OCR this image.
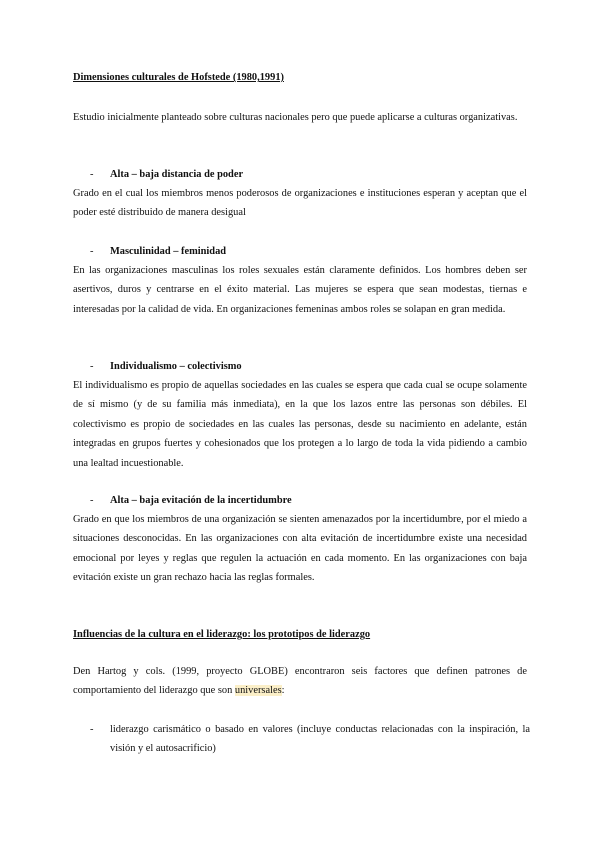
Dimensiones culturales de Hofstede (1980,1991)

Estudio inicialmente planteado sobre culturas nacionales pero que puede aplicarse a culturas organizativas.

-	Alta – baja distancia de poder

Grado en el cual los miembros menos poderosos de organizaciones e instituciones esperan y aceptan que el poder esté distribuido de manera desigual

-	Masculinidad – feminidad

En las organizaciones masculinas los roles sexuales están claramente definidos. Los hombres deben ser asertivos, duros y centrarse en el éxito material. Las mujeres se espera que sean modestas, tiernas e interesadas por la calidad de vida. En organizaciones femeninas ambos roles se solapan en gran medida.

-	Individualismo – colectivismo

El individualismo es propio de aquellas sociedades en las cuales se espera que cada cual se ocupe solamente de sí mismo (y de su familia más inmediata), en la que los lazos entre las personas son débiles. El colectivismo es propio de sociedades en las cuales las personas, desde su nacimiento en adelante, están integradas en grupos fuertes y cohesionados que los protegen a lo largo de toda la vida pidiendo a cambio una lealtad incuestionable.

-	Alta – baja evitación de la incertidumbre

Grado en que los miembros de una organización se sienten amenazados por la incertidumbre, por el miedo a situaciones desconocidas. En las organizaciones con alta evitación de incertidumbre existe una necesidad emocional por leyes y reglas que regulen la actuación en cada momento. En las organizaciones con baja evitación existe un gran rechazo hacia las reglas formales.

Influencias de la cultura en el liderazgo: los prototipos de liderazgo

Den Hartog y cols. (1999, proyecto GLOBE) encontraron seis factores que definen patrones de comportamiento del liderazgo que son universales:

-	liderazgo carismático o basado en valores (incluye conductas relacionadas con la inspiración, la visión y el autosacrificio)
